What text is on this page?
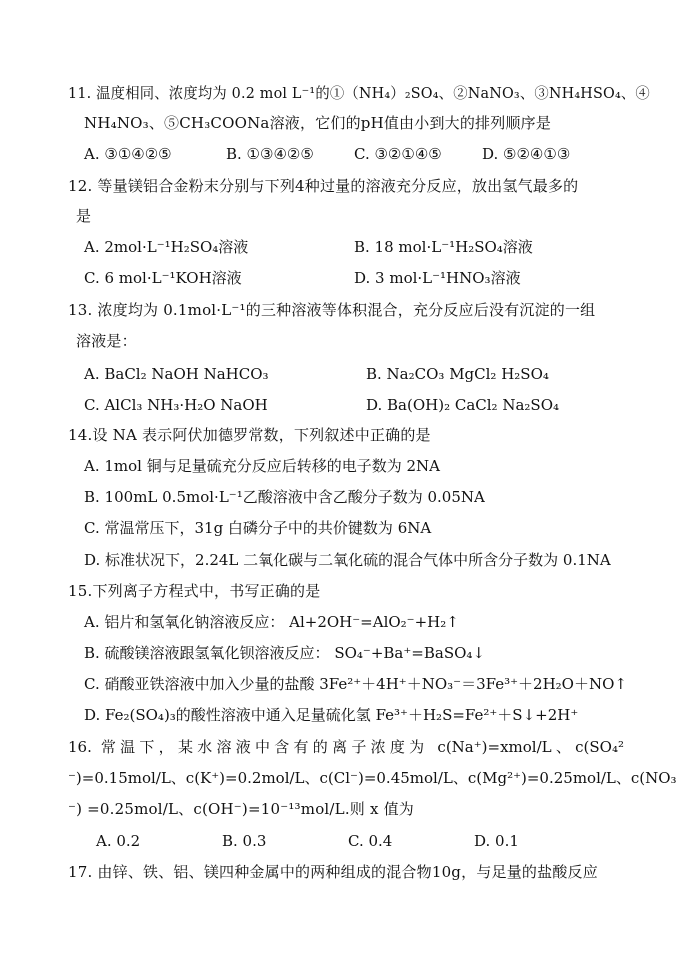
11. 温度相同、浓度均为 0.2 mol L⁻¹的①（NH₄）₂SO₄、②NaNO₃、③NH₄HSO₄、④
NH₄NO₃、⑤CH₃COONa溶液，它们的pH值由小到大的排列顺序是
A. ③①④②⑤	B. ①③④②⑤	C. ③②①④⑤	D. ⑤②④①③
12. 等量镁铝合金粉末分别与下列4种过量的溶液充分反应，放出氢气最多的
是
A. 2mol·L⁻¹H₂SO₄溶液	B. 18 mol·L⁻¹H₂SO₄溶液
C. 6 mol·L⁻¹KOH溶液	D. 3 mol·L⁻¹HNO₃溶液
13. 浓度均为 0.1mol·L⁻¹的三种溶液等体积混合，充分反应后没有沉淀的一组
溶液是：
A. BaCl₂ NaOH NaHCO₃	B. Na₂CO₃ MgCl₂ H₂SO₄
C. AlCl₃ NH₃·H₂O NaOH	D. Ba(OH)₂ CaCl₂ Na₂SO₄
14.设 NA 表示阿伏加德罗常数，下列叙述中正确的是
A. 1mol 铜与足量硫充分反应后转移的电子数为 2NA
B. 100mL 0.5mol·L⁻¹乙酸溶液中含乙酸分子数为 0.05NA
C. 常温常压下，31g 白磷分子中的共价键数为 6NA
D. 标准状况下，2.24L 二氧化碳与二氧化硫的混合气体中所含分子数为 0.1NA
15.下列离子方程式中，书写正确的是
A. 铝片和氢氧化钠溶液反应： Al+2OH⁻=AlO₂⁻+H₂↑
B. 硫酸镁溶液跟氢氧化钡溶液反应： SO₄⁻+Ba⁺=BaSO₄↓
C. 硝酸亚铁溶液中加入少量的盐酸 3Fe²⁺＋4H⁺＋NO₃⁻＝3Fe³⁺＋2H₂O＋NO↑
D. Fe₂(SO₄)₃的酸性溶液中通入足量硫化氢 Fe³⁺＋H₂S=Fe²⁺＋S↓+2H⁺
16. 常温下，某水溶液中含有的离子浓度为 c(Na⁺)=xmol/L、c(SO₄²
⁻)=0.15mol/L、c(K⁺)=0.2mol/L、c(Cl⁻)=0.45mol/L、c(Mg²⁺)=0.25mol/L、c(NO₃
⁻) =0.25mol/L、c(OH⁻)=10⁻¹³mol/L.则 x 值为
A. 0.2	B. 0.3	C. 0.4	D. 0.1
17. 由锌、铁、铝、镁四种金属中的两种组成的混合物10g，与足量的盐酸反应
